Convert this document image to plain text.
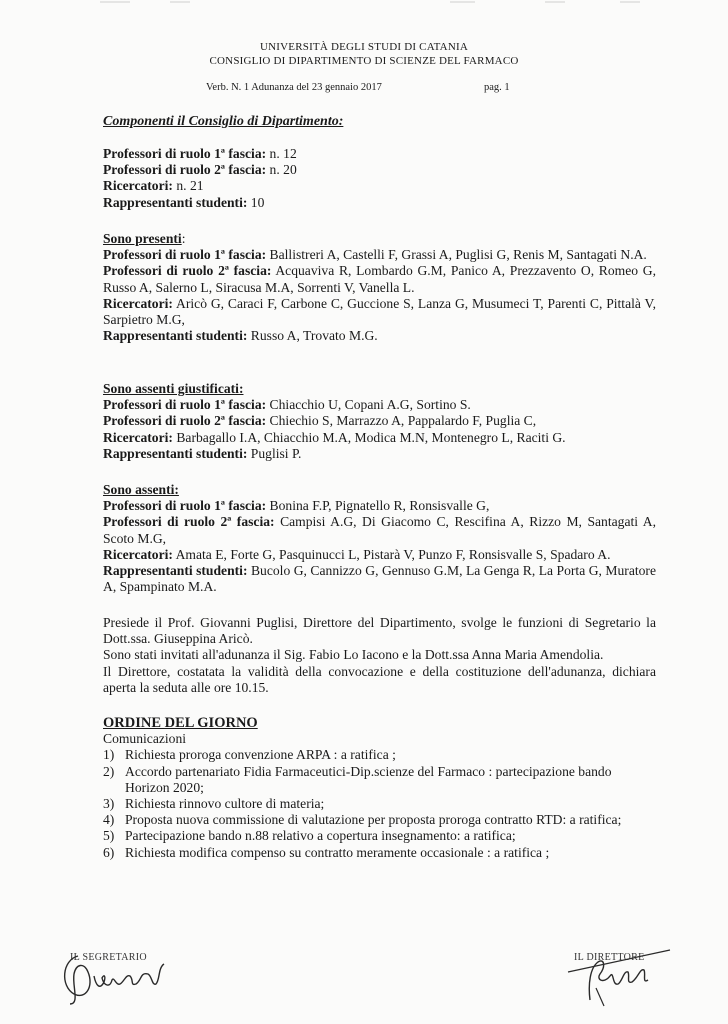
UNIVERSITÀ DEGLI STUDI DI CATANIA
CONSIGLIO DI DIPARTIMENTO DI SCIENZE DEL FARMACO
Verb. N. 1 Adunanza del 23 gennaio 2017	pag. 1

Componenti il Consiglio di Dipartimento:

Professori di ruolo 1ª fascia: n. 12

Professori di ruolo 2ª fascia: n. 20

Ricercatori: n. 21

Rappresentanti studenti: 10

Sono presenti:

Professori di ruolo 1ª fascia: Ballistreri A, Castelli F, Grassi A, Puglisi G, Renis M, Santagati N.A.

Professori di ruolo 2ª fascia: Acquaviva R, Lombardo G.M, Panico A, Prezzavento O, Romeo G, Russo A, Salerno L, Siracusa M.A, Sorrenti V, Vanella L.

Ricercatori: Aricò G, Caraci F, Carbone C, Guccione S, Lanza G, Musumeci T, Parenti C, Pittalà V, Sarpietro M.G,

Rappresentanti studenti: Russo A, Trovato M.G.

Sono assenti giustificati:

Professori di ruolo 1ª fascia: Chiacchio U, Copani A.G, Sortino S.

Professori di ruolo 2ª fascia: Chiechio S, Marrazzo A, Pappalardo F, Puglia C,

Ricercatori: Barbagallo I.A, Chiacchio M.A, Modica M.N, Montenegro L, Raciti G.

Rappresentanti studenti: Puglisi P.

Sono assenti:

Professori di ruolo 1ª fascia: Bonina F.P, Pignatello R, Ronsisvalle G,

Professori di ruolo 2ª fascia: Campisi A.G, Di Giacomo C, Rescifina A, Rizzo M, Santagati A, Scoto M.G,

Ricercatori: Amata E, Forte G, Pasquinucci L, Pistarà V, Punzo F, Ronsisvalle S, Spadaro A.

Rappresentanti studenti: Bucolo G, Cannizzo G, Gennuso G.M, La Genga R, La Porta G, Muratore A, Spampinato M.A.

Presiede il Prof. Giovanni Puglisi, Direttore del Dipartimento, svolge le funzioni di Segretario la Dott.ssa. Giuseppina Aricò.

Sono stati invitati all'adunanza il Sig. Fabio Lo Iacono e la Dott.ssa Anna Maria Amendolia.

Il Direttore, costatata la validità della convocazione e della costituzione dell'adunanza, dichiara aperta la seduta alle ore 10.15.

ORDINE DEL GIORNO

Comunicazioni

1) Richiesta proroga convenzione ARPA : a ratifica ;
2) Accordo partenariato Fidia Farmaceutici-Dip.scienze del Farmaco : partecipazione bando Horizon 2020;
3) Richiesta rinnovo cultore di materia;
4) Proposta nuova commissione di valutazione per proposta proroga contratto RTD: a ratifica;
5) Partecipazione bando n.88 relativo a copertura insegnamento: a ratifica;
6) Richiesta modifica compenso su contratto meramente occasionale : a ratifica ;
IL SEGRETARIO	IL DIRETTORE
